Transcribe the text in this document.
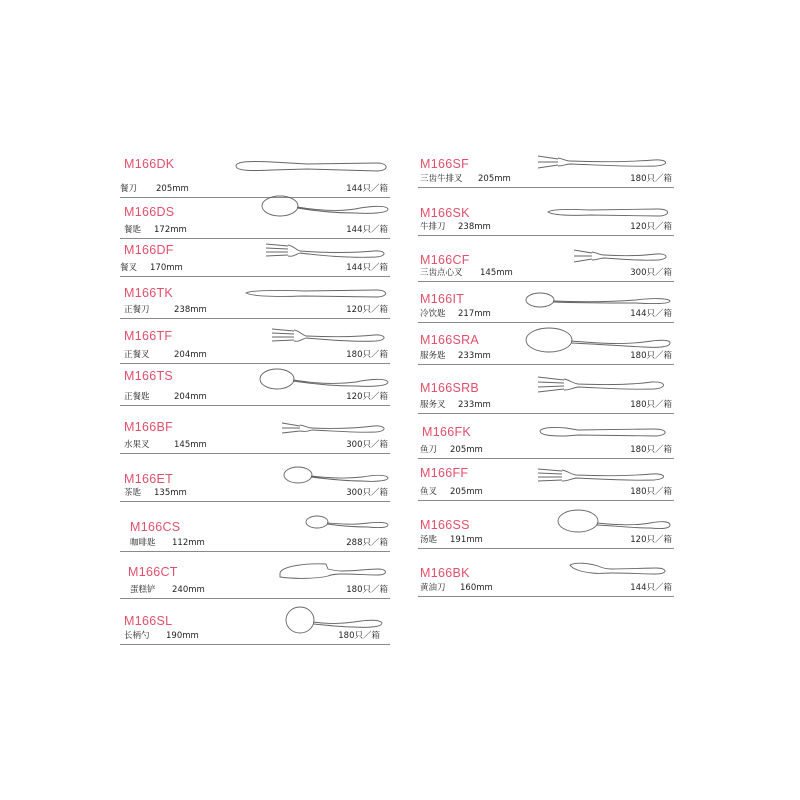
M166DK
餐刀 205mm	144只／箱
M166DS
餐匙 172mm	144只／箱
M166DF
餐叉 170mm	144只／箱
M166TK
正餐刀	238mm	120只／箱
M166TF
正餐叉	204mm	180只／箱
M166TS
正餐匙	204mm	120只／箱
M166BF
水果叉	145mm	300只／箱
M166ET
茶匙 135mm	300只／箱
M166CS
咖啡匙 112mm	288只／箱
M166CT
蛋糕铲 240mm	180只／箱
M166SL
长柄勺 190mm	180只／箱
M166SF
三齿牛排叉 205mm	180只／箱
M166SK
牛排刀 238mm	120只／箱
M166CF
三齿点心叉 145mm	300只／箱
M166IT
冷饮匙 217mm	144只／箱
M166SRA
服务匙 233mm	180只／箱
M166SRB
服务叉 233mm	180只／箱
M166FK
鱼刀 205mm	180只／箱
M166FF
鱼叉 205mm	180只／箱
M166SS
汤匙 191mm	120只／箱
M166BK
黄油刀 160mm	144只／箱
